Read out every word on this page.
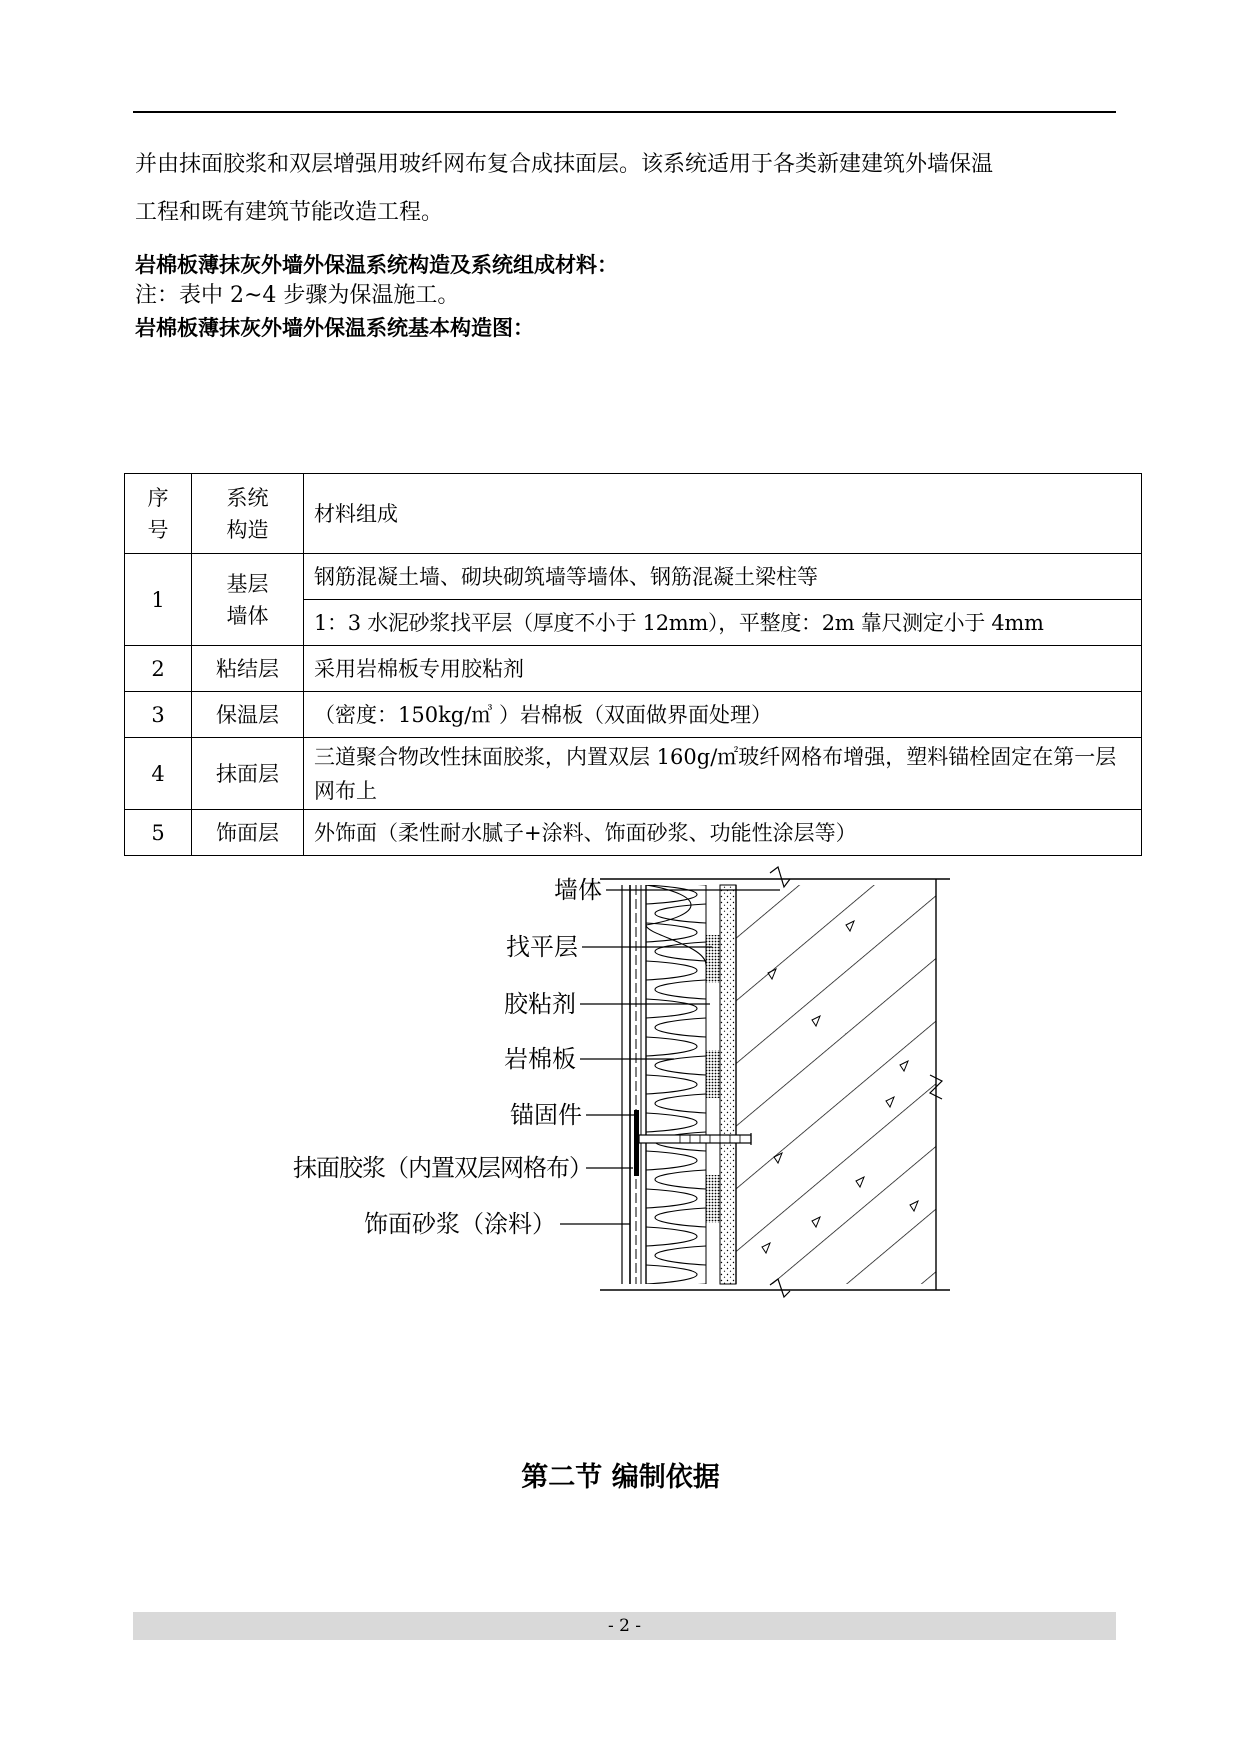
并由抹面胶浆和双层增强用玻纤网布复合成抹面层。该系统适用于各类新建建筑外墙保温
工程和既有建筑节能改造工程。
岩棉板薄抹灰外墙外保温系统构造及系统组成材料：
注：表中 2~4 步骤为保温施工。
岩棉板薄抹灰外墙外保温系统基本构造图：
序号	系统构造	材料组成
1	基层墙体	钢筋混凝土墙、砌块砌筑墙等墙体、钢筋混凝土梁柱等
		1：3 水泥砂浆找平层（厚度不小于 12mm），平整度：2m 靠尺测定小于 4mm
2	粘结层	采用岩棉板专用胶粘剂
3	保温层	（密度：150kg/㎥ ）岩棉板（双面做界面处理）
4	抹面层	三道聚合物改性抹面胶浆，内置双层 160g/㎡玻纤网格布增强，塑料锚栓固定在第一层网布上
5	饰面层	外饰面（柔性耐水腻子+涂料、饰面砂浆、功能性涂层等）
墙体
找平层
胶粘剂
岩棉板
锚固件
抹面胶浆（内置双层网格布）
饰面砂浆（涂料）
第二节 编制依据
- 2 -
